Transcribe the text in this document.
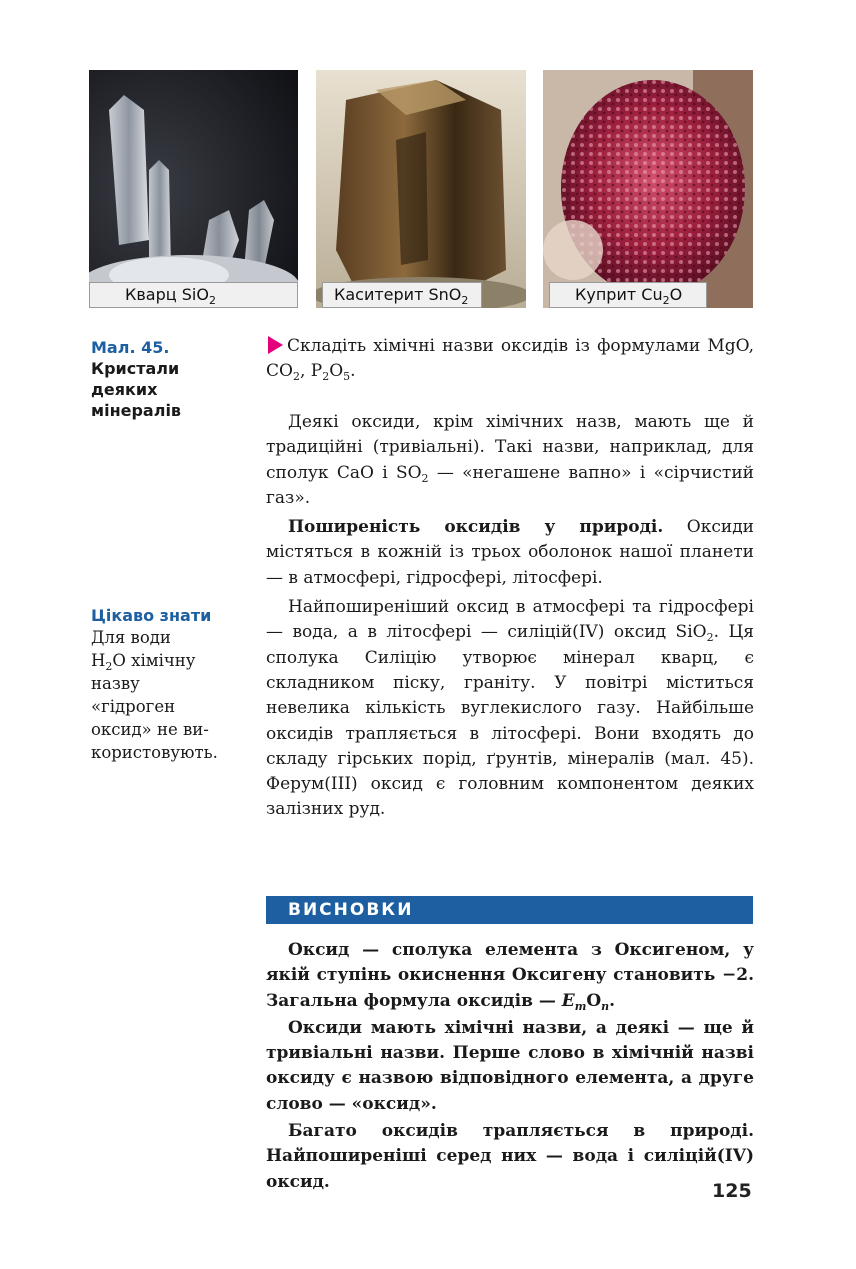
Кварц SiO$_2$	Каситерит SnO$_2$	Куприт $Cu_2O$
Мал. 45.
Кристали
деяких
мінералів

Складіть хімічні назви оксидів із формулами MgO, $CO_2$, $P_2O_5$.

Деякі оксиди, крім хімічних назв, мають ще й традиційні (тривіальні). Такі назви, наприклад, для сполук CaO і $SO_2$ — «негашене вапно» і «сірчистий газ».

Поширеність оксидів у природі. Оксиди містяться в кожній із трьох оболонок нашої планети — в атмосфері, гідросфері, літосфері.

Найпоширеніший оксид в атмосфері та гідросфері — вода, а в літосфері — силіцій(IV) оксид SiO$_2$. Ця сполука Силіцію утворює мінерал кварц, є складником піску, граніту. У повітрі міститься невелика кількість вуглекислого газу. Найбільше оксидів трапляється в літосфері. Вони входять до складу гірських порід, ґрунтів, мінералів (мал. 45). Ферум(III) оксид є головним компонентом деяких залізних руд.

Цікаво знати
Для води
$H_2O$ хімічну
назву
«гідроген
оксид» не ви-
користовують.
ВИСНОВКИ

Оксид — сполука елемента з Оксигеном, у якій ступінь окиснення Оксигену становить −2. Загальна формула оксидів — $E_mO_n$.

Оксиди мають хімічні назви, а деякі — ще й тривіальні назви. Перше слово в хімічній назві оксиду є назвою відповідного елемента, а друге слово — «оксид».

Багато оксидів трапляється в природі. Найпоширеніші серед них — вода і силіцій(IV) оксид.	125
